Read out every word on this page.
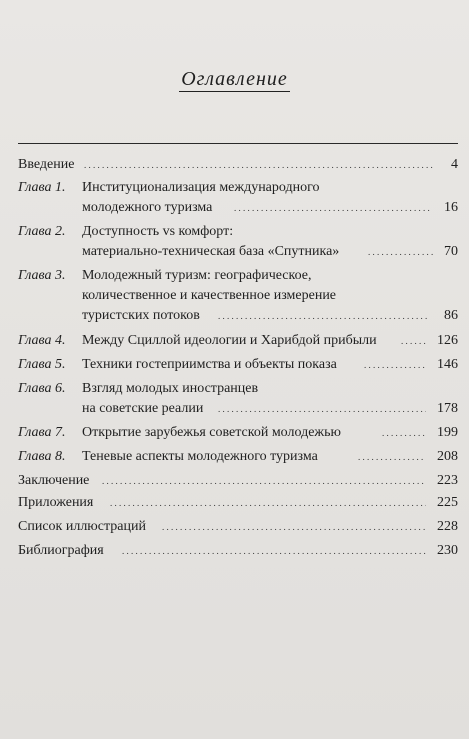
Оглавление
Введение . . .	4
Глава 1. Институционализация международного
молодежного туризма . . .	16
Глава 2. Доступность vs комфорт:
материально-техническая база «Спутника» . . .	70
Глава 3. Молодежный туризм: географическое,
количественное и качественное измерение
туристских потоков . . .	86
Глава 4. Между Сциллой идеологии и Харибдой прибыли . . .	126
Глава 5. Техники гостеприимства и объекты показа . . .	146
Глава 6. Взгляд молодых иностранцев
на советские реалии . . .	178
Глава 7. Открытие зарубежья советской молодежью . . .	199
Глава 8. Теневые аспекты молодежного туризма . . .	208
Заключение . . .	223
Приложения . . .	225
Список иллюстраций . . .	228
Библиография . . .	230
